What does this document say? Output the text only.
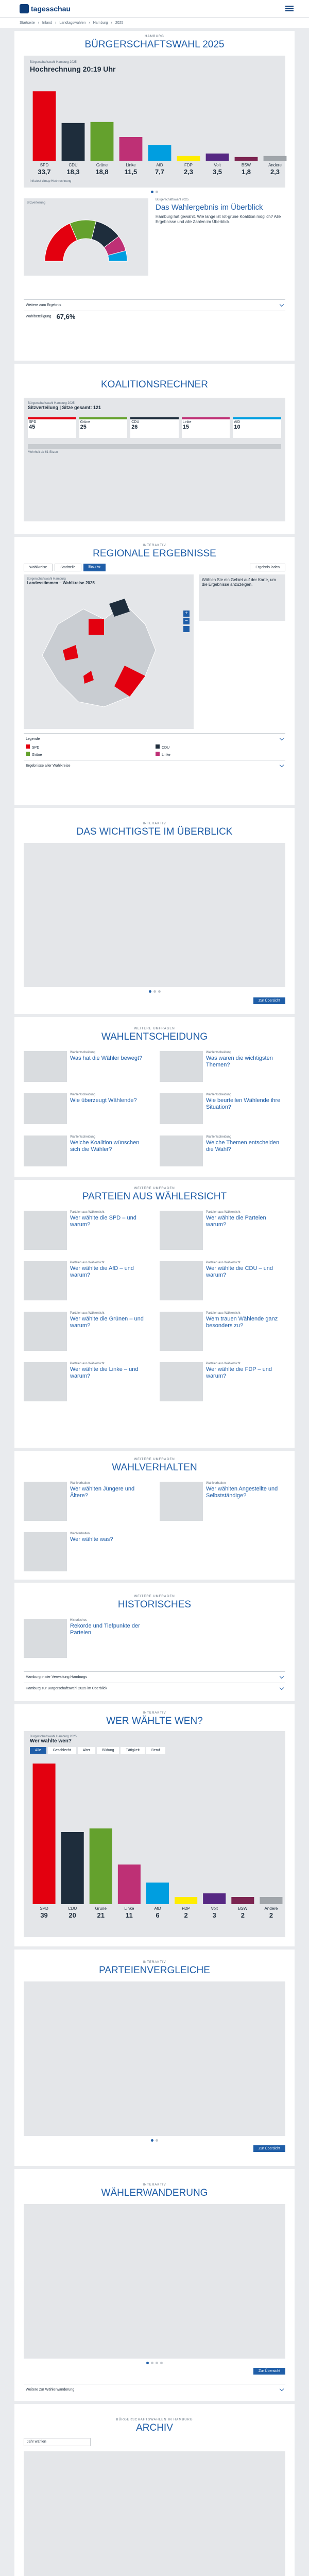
tagesschau
Startseite › Inland › Landtagswahlen › Hamburg › 2025
HAMBURG
BÜRGERSCHAFTSWAHL 2025
Bürgerschaftswahl Hamburg 2025
Hochrechnung 20:19 Uhr
SPD
33,7
CDU
18,3
Grüne
18,8
Linke
11,5
AfD
7,7
FDP
2,3
Volt
3,5
BSW
1,8
Andere
2,3
Infratest dimap Hochrechnung
Sitzverteilung
Bürgerschaftswahl 2025
Das Wahlergebnis im Überblick
Hamburg hat gewählt. Wie lange ist rot-grüne Koalition möglich? Alle Ergebnisse und alle Zahlen im Überblick.
Weitere zum Ergebnis
Wahlbeteiligung 67,6%
KOALITIONSRECHNER
Bürgerschaftswahl Hamburg 2025
Sitzverteilung | Sitze gesamt: 121
SPD
45
Grüne
25
CDU
26
Linke
15
AfD
10
Mehrheit ab 61 Sitzen
INTERAKTIV
REGIONALE ERGEBNISSE
Wahlkreise	Stadtteile	Bezirke	Ergebnis laden
Bürgerschaftswahl Hamburg
Landesstimmen – Wahlkreise 2025
+
−
Wählen Sie ein Gebiet auf der Karte, um die Ergebnisse anzuzeigen.
Legende
SPD	CDU
Grüne	Linke
Ergebnisse aller Wahlkreise
INTERAKTIV
DAS WICHTIGSTE IM ÜBERBLICK
Zur Übersicht
WEITERE UMFRAGEN
WAHLENTSCHEIDUNG
Wahlentscheidung
Was hat die Wähler bewegt?
Wahlentscheidung
Was waren die wichtigsten Themen?
Wahlentscheidung
Wie überzeugt Wählende?
Wahlentscheidung
Wie beurteilen Wählende ihre Situation?
Wahlentscheidung
Welche Koalition wünschen sich die Wähler?
Wahlentscheidung
Welche Themen entscheiden die Wahl?
WEITERE UMFRAGEN
PARTEIEN AUS WÄHLERSICHT
Parteien aus Wählersicht
Wer wählte die SPD – und warum?
Parteien aus Wählersicht
Wer wählte die Parteien warum?
Parteien aus Wählersicht
Wer wählte die AfD – und warum?
Parteien aus Wählersicht
Wer wählte die CDU – und warum?
Parteien aus Wählersicht
Wer wählte die Grünen – und warum?
Parteien aus Wählersicht
Wem trauen Wählende ganz besonders zu?
Parteien aus Wählersicht
Wer wählte die Linke – und warum?
Parteien aus Wählersicht
Wer wählte die FDP – und warum?
WEITERE UMFRAGEN
WAHLVERHALTEN
Wahlverhalten
Wer wählten Jüngere und Ältere?
Wahlverhalten
Wer wählten Angestellte und Selbstständige?
Wahlverhalten
Wer wählte was?
WEITERE UMFRAGEN
HISTORISCHES
Historisches
Rekorde und Tiefpunkte der Parteien
Hamburg in der Verwaltung Hamburgs
Hamburg zur Bürgerschaftswahl 2025 im Überblick
INTERAKTIV
WER WÄHLTE WEN?
Bürgerschaftswahl Hamburg 2025
Wer wählte wen?
Alle	Geschlecht	Alter	Bildung	Tätigkeit	Beruf
SPD
39
CDU
20
Grüne
21
Linke
11
AfD
6
FDP
2
Volt
3
BSW
2
Andere
2
INTERAKTIV
PARTEIENVERGLEICHE
Zur Übersicht
INTERAKTIV
WÄHLERWANDERUNG
Zur Übersicht
Weitere zur Wählerwanderung
BÜRGERSCHAFTSWAHLEN IN HAMBURG
ARCHIV
Jahr wählen
